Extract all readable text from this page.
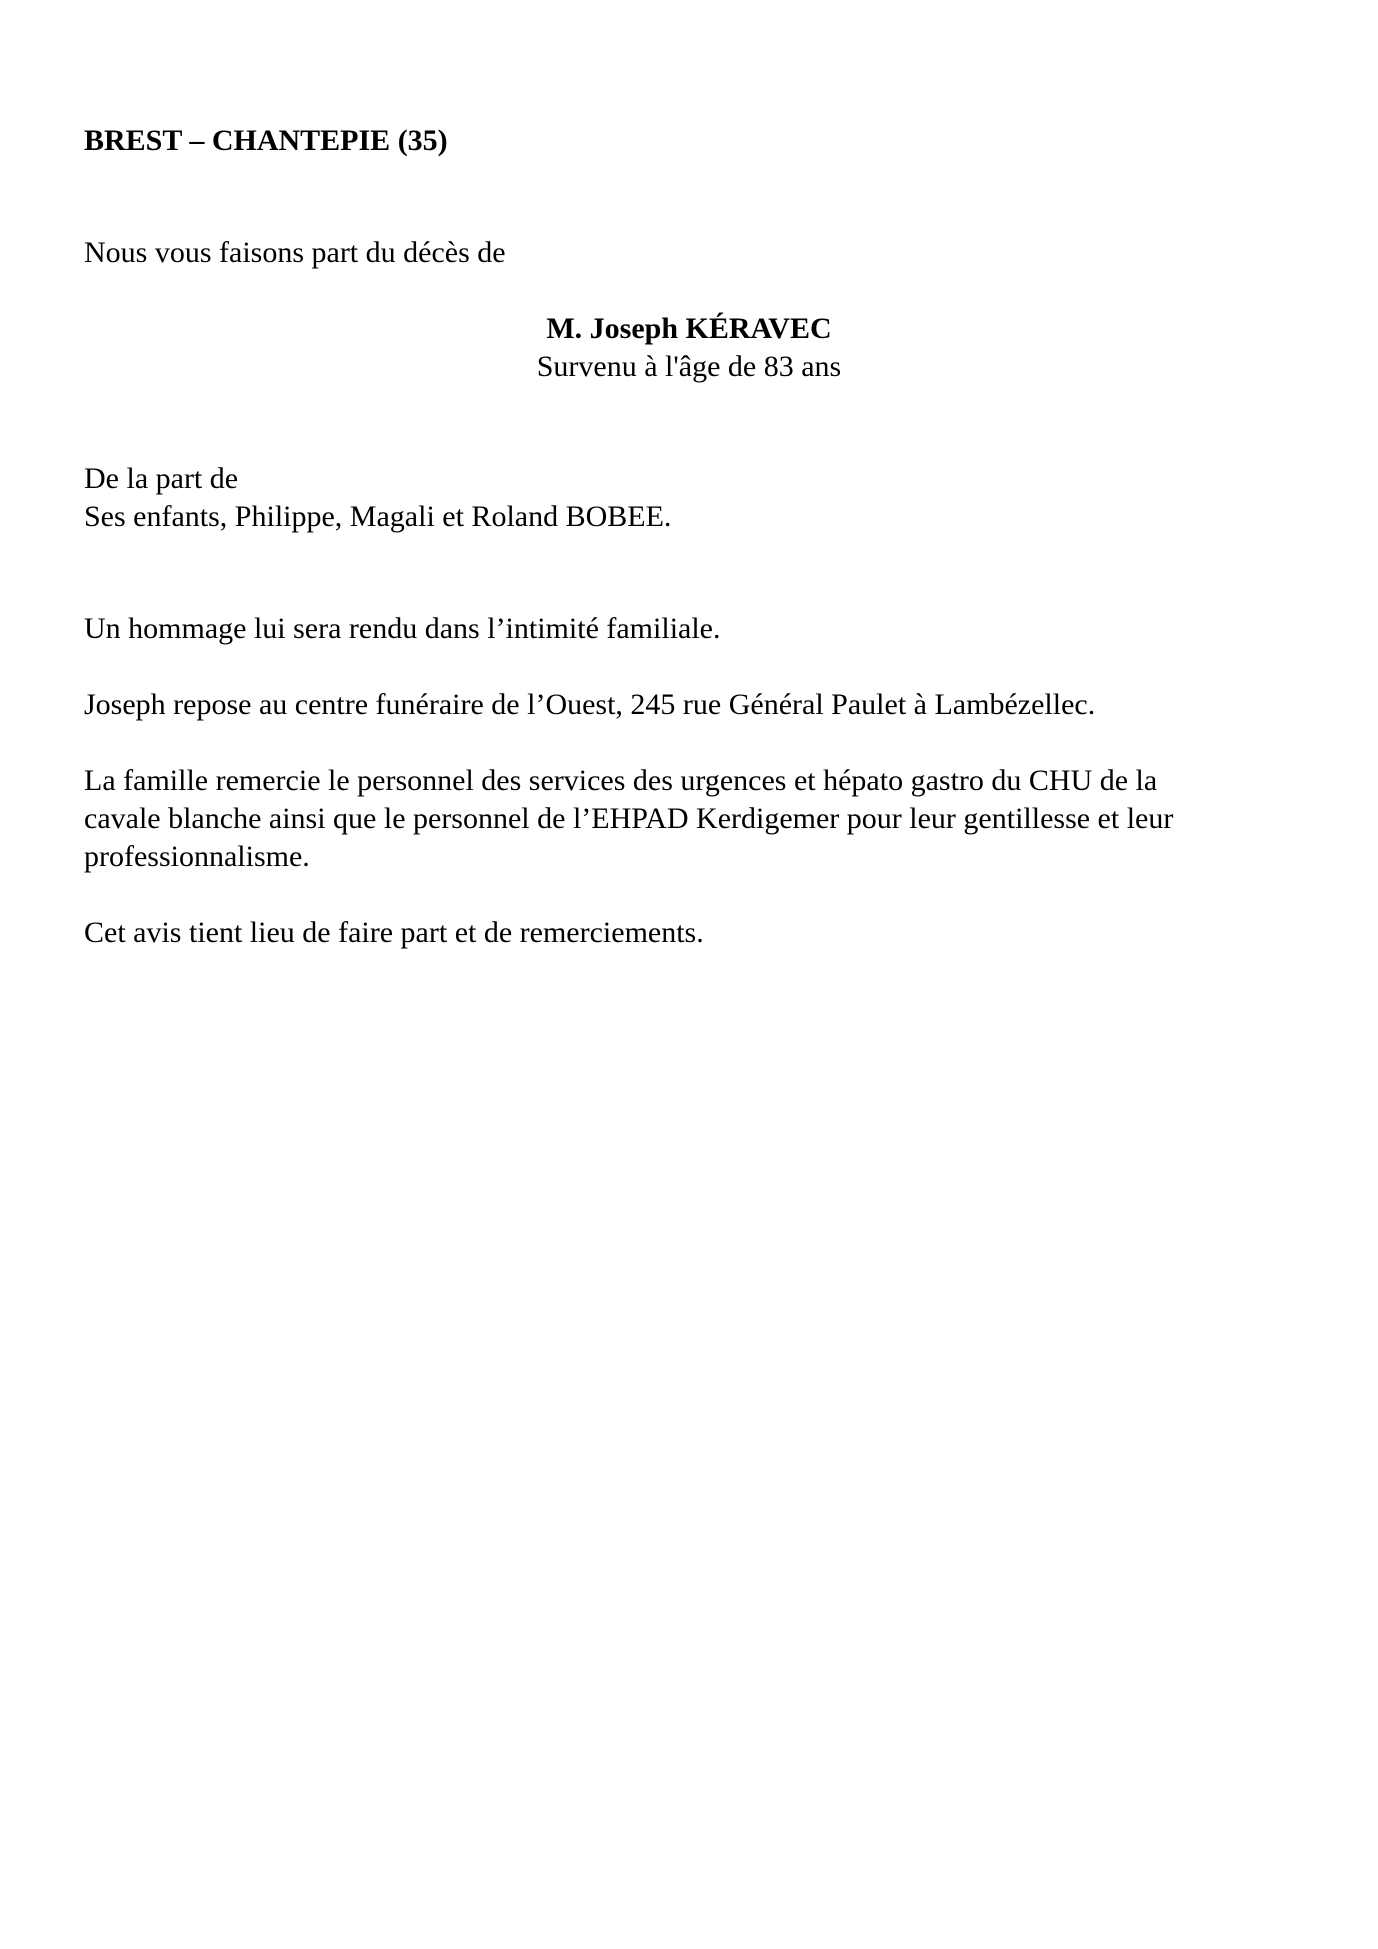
BREST – CHANTEPIE (35)

Nous vous faisons part du décès de

M. Joseph KÉRAVEC

Survenu à l'âge de 83 ans

De la part de

Ses enfants, Philippe, Magali et Roland BOBEE.

Un hommage lui sera rendu dans l’intimité familiale.

Joseph repose au centre funéraire de l’Ouest, 245 rue Général Paulet à Lambézellec.

La famille remercie le personnel des services des urgences et hépato gastro du CHU de la
cavale blanche ainsi que le personnel de l’EHPAD Kerdigemer pour leur gentillesse et leur
professionnalisme.

Cet avis tient lieu de faire part et de remerciements.
